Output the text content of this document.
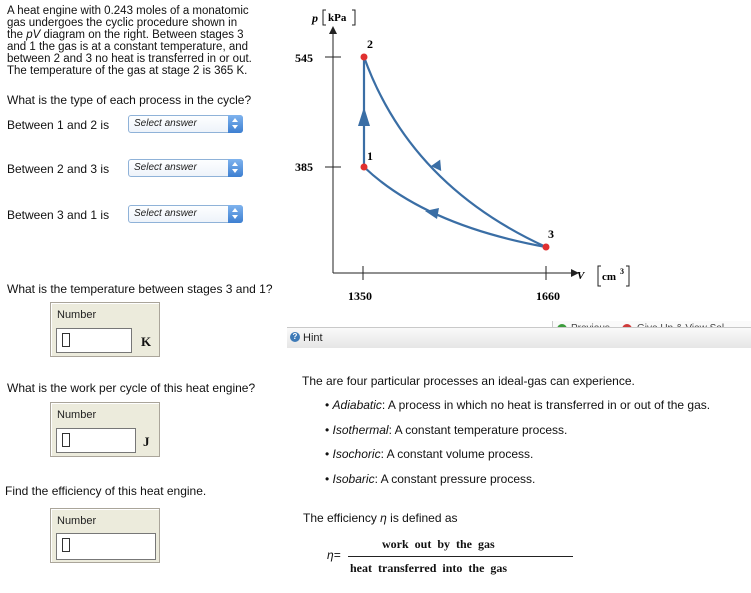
A heat engine with 0.243 moles of a monatomic
gas undergoes the cyclic procedure shown in
the pV diagram on the right. Between stages 3
and 1 the gas is at a constant temperature, and
between 2 and 3 no heat is transferred in or out.
The temperature of the gas at stage 2 is 365 K.
What is the type of each process in the cycle?
Between 1 and 2 is Select answer
Between 2 and 3 is Select answer
Between 3 and 1 is Select answer
What is the temperature between stages 3 and 1?
Number
K
What is the work per cycle of this heat engine?
Number
J
Find the efficiency of this heat engine.
Number
p kPa
V cm 3
545
385
1350	1660
1
2
3
? Hint
The are four particular processes an ideal-gas can experience.
• Adiabatic: A process in which no heat is transferred in or out of the gas.
• Isothermal: A constant temperature process.
• Isochoric: A constant volume process.
• Isobaric: A constant pressure process.
The efficiency η is defined as
η=
work  out  by  the  gas
heat  transferred  into  the  gas
